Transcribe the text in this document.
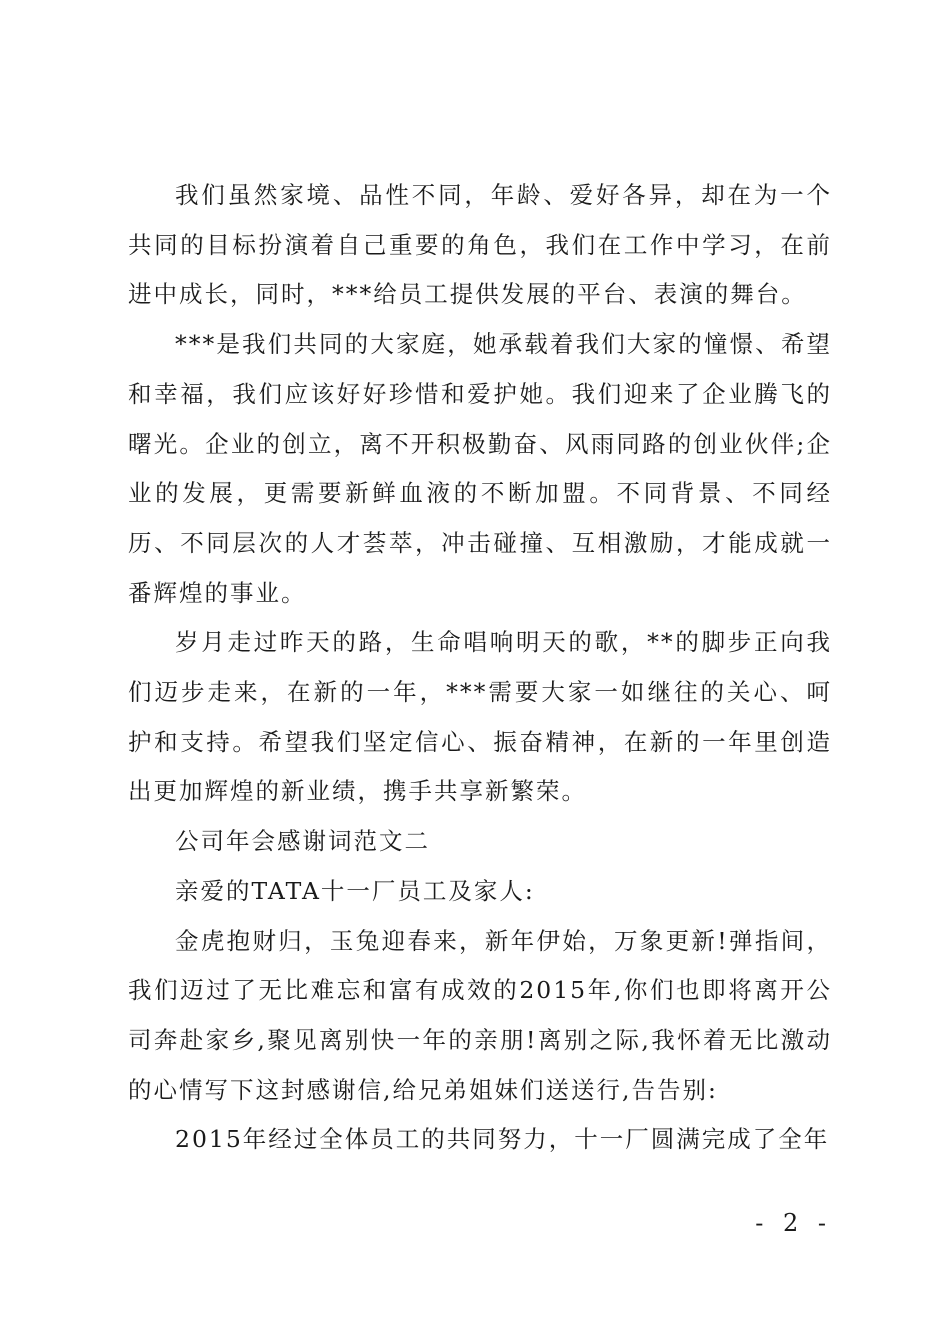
我们虽然家境、品性不同，年龄、爱好各异，却在为一个共同的目标扮演着自己重要的角色，我们在工作中学习，在前进中成长，同时，***给员工提供发展的平台、表演的舞台。

***是我们共同的大家庭，她承载着我们大家的憧憬、希望和幸福，我们应该好好珍惜和爱护她。我们迎来了企业腾飞的曙光。企业的创立，离不开积极勤奋、风雨同路的创业伙伴;企业的发展，更需要新鲜血液的不断加盟。不同背景、不同经历、不同层次的人才荟萃，冲击碰撞、互相激励，才能成就一番辉煌的事业。

岁月走过昨天的路，生命唱响明天的歌，**的脚步正向我们迈步走来，在新的一年，***需要大家一如继往的关心、呵护和支持。希望我们坚定信心、振奋精神，在新的一年里创造出更加辉煌的新业绩，携手共享新繁荣。

公司年会感谢词范文二

亲爱的TATA十一厂员工及家人:

金虎抱财归，玉兔迎春来，新年伊始，万象更新!弹指间，我们迈过了无比难忘和富有成效的2015年,你们也即将离开公司奔赴家乡,聚见离别快一年的亲朋!离别之际,我怀着无比激动的心情写下这封感谢信,给兄弟姐妹们送送行,告告别:

2015年经过全体员工的共同努力，十一厂圆满完成了全年

- 2 -
